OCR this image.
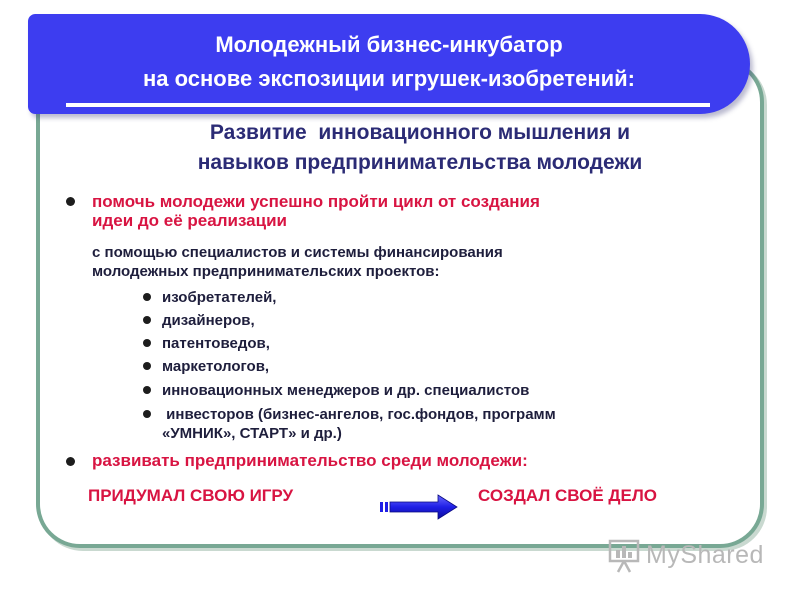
Молодежный бизнес-инкубатор
на основе экспозиции игрушек-изобретений:
Развитие  инновационного мышления и
навыков предпринимательства молодежи
помочь молодежи успешно пройти цикл от создания
идеи до её реализации
с помощью специалистов и системы финансирования
молодежных предпринимательских проектов:
изобретателей,
дизайнеров,
патентоведов,
маркетологов,
инновационных менеджеров и др. специалистов
инвесторов (бизнес-ангелов, гос.фондов, программ
«УМНИК», СТАРТ» и др.)
развивать предпринимательство среди молодежи:
ПРИДУМАЛ СВОЮ ИГРУ	СОЗДАЛ СВОЁ ДЕЛО
MyShared
